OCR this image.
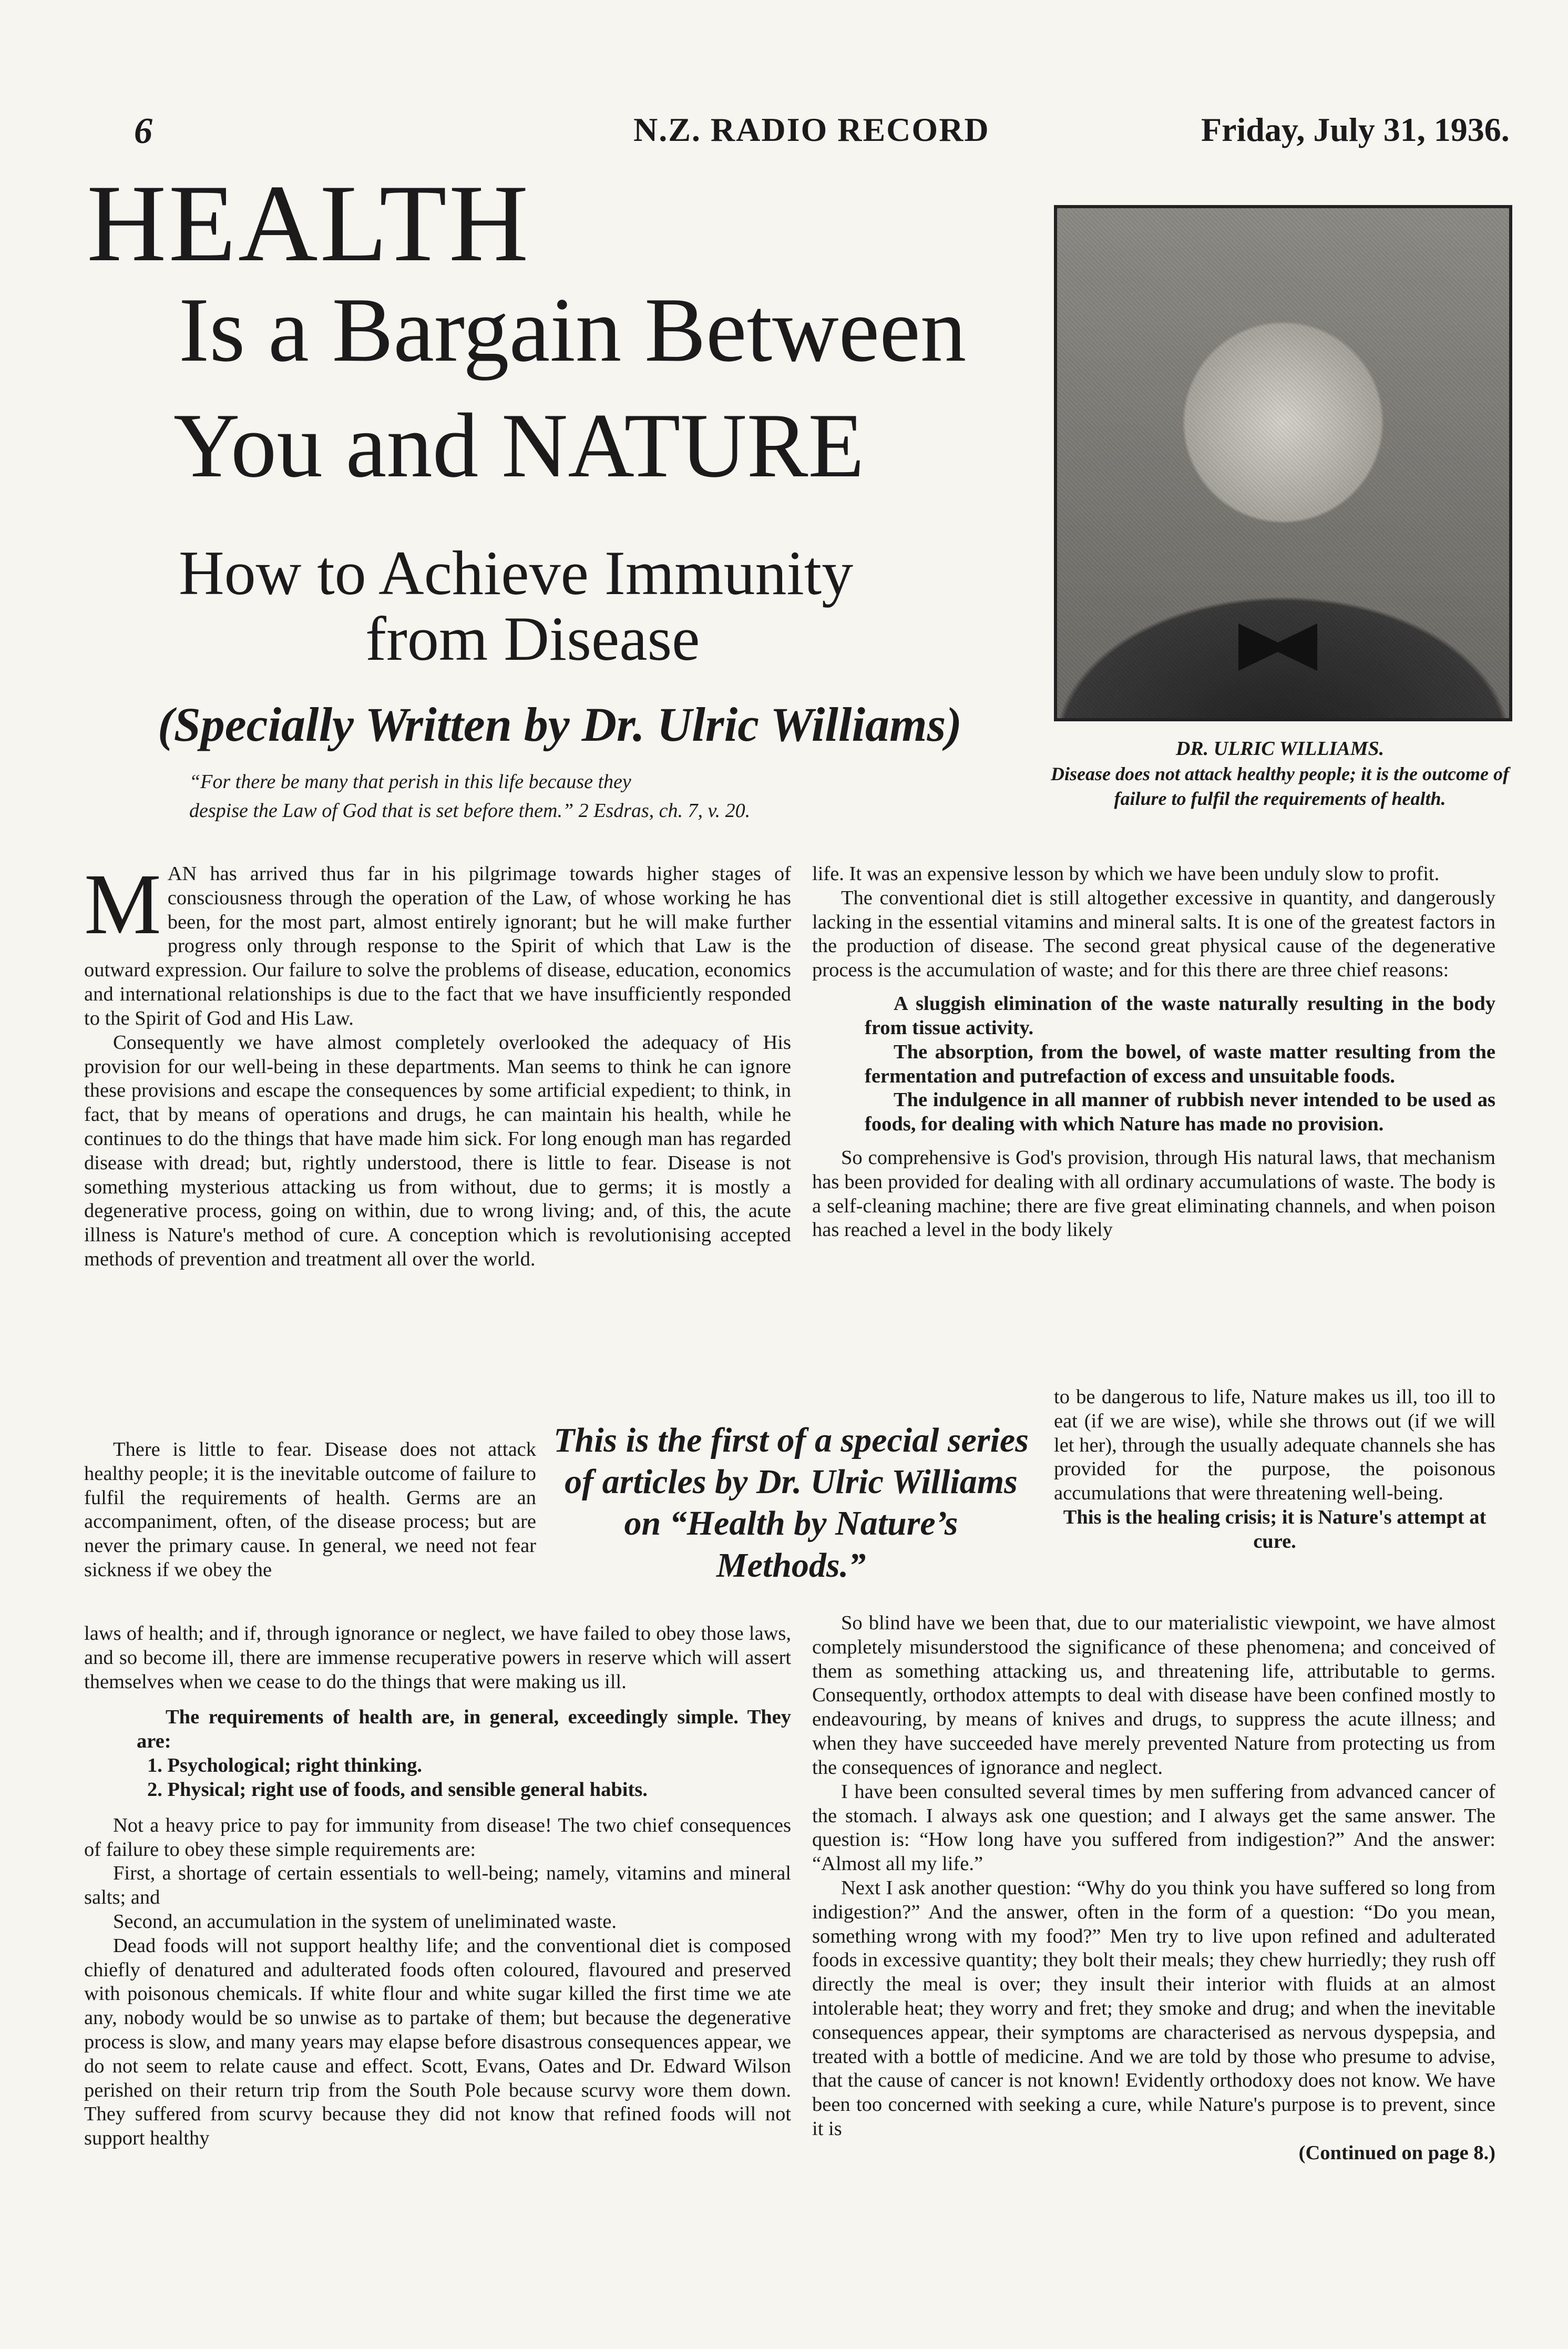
6	N.Z. RADIO RECORD	Friday, July 31, 1936.
HEALTH
Is a Bargain Between
You and NATURE
How to Achieve Immunity
from Disease
(Specially Written by Dr. Ulric Williams)
“For there be many that perish in this life because they
despise the Law of God that is set before them.” 2 Esdras, ch. 7, v. 20.
DR. ULRIC WILLIAMS.
Disease does not attack healthy people; it is the outcome of failure to fulfil the requirements of health.
M AN has arrived thus far in his pilgrimage towards higher stages of consciousness through the operation of the Law, of whose working he has been, for the most part, almost entirely ignorant; but he will make further progress only through response to the Spirit of which that Law is the outward expression. Our failure to solve the problems of disease, education, economics and international relationships is due to the fact that we have insufficiently responded to the Spirit of God and His Law.

Consequently we have almost completely overlooked the adequacy of His provision for our well-being in these departments. Man seems to think he can ignore these provisions and escape the consequences by some artificial expedient; to think, in fact, that by means of operations and drugs, he can maintain his health, while he continues to do the things that have made him sick. For long enough man has regarded disease with dread; but, rightly understood, there is little to fear. Disease is not something mysterious attacking us from without, due to germs; it is mostly a degenerative process, going on within, due to wrong living; and, of this, the acute illness is Nature's method of cure. A conception which is revolutionising accepted methods of prevention and treatment all over the world.

There is little to fear. Disease does not attack healthy people; it is the inevitable outcome of failure to fulfil the requirements of health. Germs are an accompaniment, often, of the disease process; but are never the primary cause. In general, we need not fear sickness if we obey the

This is the first of a special series of articles by Dr. Ulric Williams on “Health by Nature’s Methods.”

laws of health; and if, through ignorance or neglect, we have failed to obey those laws, and so become ill, there are immense recuperative powers in reserve which will assert themselves when we cease to do the things that were making us ill.

The requirements of health are, in general, exceedingly simple. They are:

1. Psychological; right thinking.

2. Physical; right use of foods, and sensible general habits.

Not a heavy price to pay for immunity from disease! The two chief consequences of failure to obey these simple requirements are:

First, a shortage of certain essentials to well-being; namely, vitamins and mineral salts; and

Second, an accumulation in the system of uneliminated waste.

Dead foods will not support healthy life; and the conventional diet is composed chiefly of denatured and adulterated foods often coloured, flavoured and preserved with poisonous chemicals. If white flour and white sugar killed the first time we ate any, nobody would be so unwise as to partake of them; but because the degenerative process is slow, and many years may elapse before disastrous consequences appear, we do not seem to relate cause and effect. Scott, Evans, Oates and Dr. Edward Wilson perished on their return trip from the South Pole because scurvy wore them down. They suffered from scurvy because they did not know that refined foods will not support healthy

life. It was an expensive lesson by which we have been unduly slow to profit.

The conventional diet is still altogether excessive in quantity, and dangerously lacking in the essential vitamins and mineral salts. It is one of the greatest factors in the production of disease. The second great physical cause of the degenerative process is the accumulation of waste; and for this there are three chief reasons:

A sluggish elimination of the waste naturally resulting in the body from tissue activity.

The absorption, from the bowel, of waste matter resulting from the fermentation and putrefaction of excess and unsuitable foods.

The indulgence in all manner of rubbish never intended to be used as foods, for dealing with which Nature has made no provision.

So comprehensive is God's provision, through His natural laws, that mechanism has been provided for dealing with all ordinary accumulations of waste. The body is a self-cleaning machine; there are five great eliminating channels, and when poison has reached a level in the body likely

to be dangerous to life, Nature makes us ill, too ill to eat (if we are wise), while she throws out (if we will let her), through the usually adequate channels she has provided for the purpose, the poisonous accumulations that were threatening well-being.

This is the healing crisis; it is Nature's attempt at cure.

So blind have we been that, due to our materialistic viewpoint, we have almost completely misunderstood the significance of these phenomena; and conceived of them as something attacking us, and threatening life, attributable to germs. Consequently, orthodox attempts to deal with disease have been confined mostly to endeavouring, by means of knives and drugs, to suppress the acute illness; and when they have succeeded have merely prevented Nature from protecting us from the consequences of ignorance and neglect.

I have been consulted several times by men suffering from advanced cancer of the stomach. I always ask one question; and I always get the same answer. The question is: “How long have you suffered from indigestion?” And the answer: “Almost all my life.”

Next I ask another question: “Why do you think you have suffered so long from indigestion?” And the answer, often in the form of a question: “Do you mean, something wrong with my food?” Men try to live upon refined and adulterated foods in excessive quantity; they bolt their meals; they chew hurriedly; they rush off directly the meal is over; they insult their interior with fluids at an almost intolerable heat; they worry and fret; they smoke and drug; and when the inevitable consequences appear, their symptoms are characterised as nervous dyspepsia, and treated with a bottle of medicine. And we are told by those who presume to advise, that the cause of cancer is not known! Evidently orthodoxy does not know. We have been too concerned with seeking a cure, while Nature's purpose is to prevent, since it is

(Continued on page 8.)
